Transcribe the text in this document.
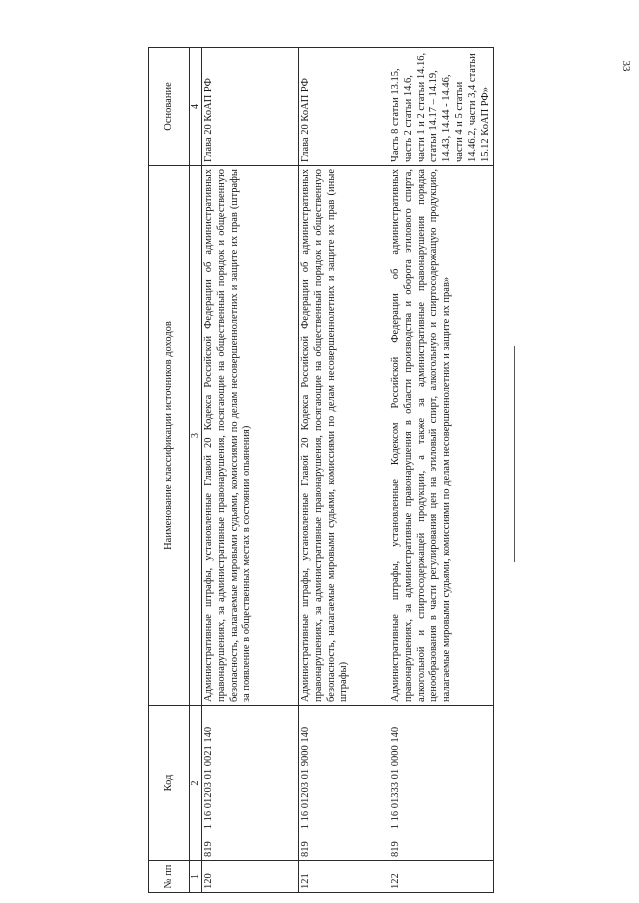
33
№ пп	Код	Наименование классификации источников доходов	Основание
1	2	3	4
120	8191 16 01203 01 0021 140	Административные штрафы, установленные Главой 20 Кодекса Российской Федерации об административных правонарушениях, за административные правонарушения, посягающие на общественный порядок и общественную безопасность, налагаемые мировыми судьями, комиссиями по делам несовершеннолетних и защите их прав (штрафы за появление в общественных местах в состоянии опьянения)	Глава 20 КоАП РФ
121	8191 16 01203 01 9000 140	Административные штрафы, установленные Главой 20 Кодекса Российской Федерации об административных правонарушениях, за административные правонарушения, посягающие на общественный порядок и общественную безопасность, налагаемые мировыми судьями, комиссиями по делам несовершеннолетних и защите их прав (иные штрафы)	Глава 20 КоАП РФ
122	8191 16 01333 01 0000 140	Административные штрафы, установленные Кодексом Российской Федерации об административных правонарушениях, за административные правонарушения в области производства и оборота этилового спирта, алкогольной и спиртосодержащей продукции, а также за административные правонарушения порядка ценообразования в части регулирования цен на этиловый спирт, алкогольную и спиртосодержащую продукцию, налагаемые мировыми судьями, комиссиями по делам несовершеннолетних и защите их прав»	Часть 8 статьи 13.15, часть 2 статьи 14.6, части 1 и 2 статьи 14.16, статьи 14.17 – 14.19, 14.43, 14.44 - 14.46, части 4 и 5 статьи 14.46.2, части 3,4 статьи 15.12 КоАП РФ»
